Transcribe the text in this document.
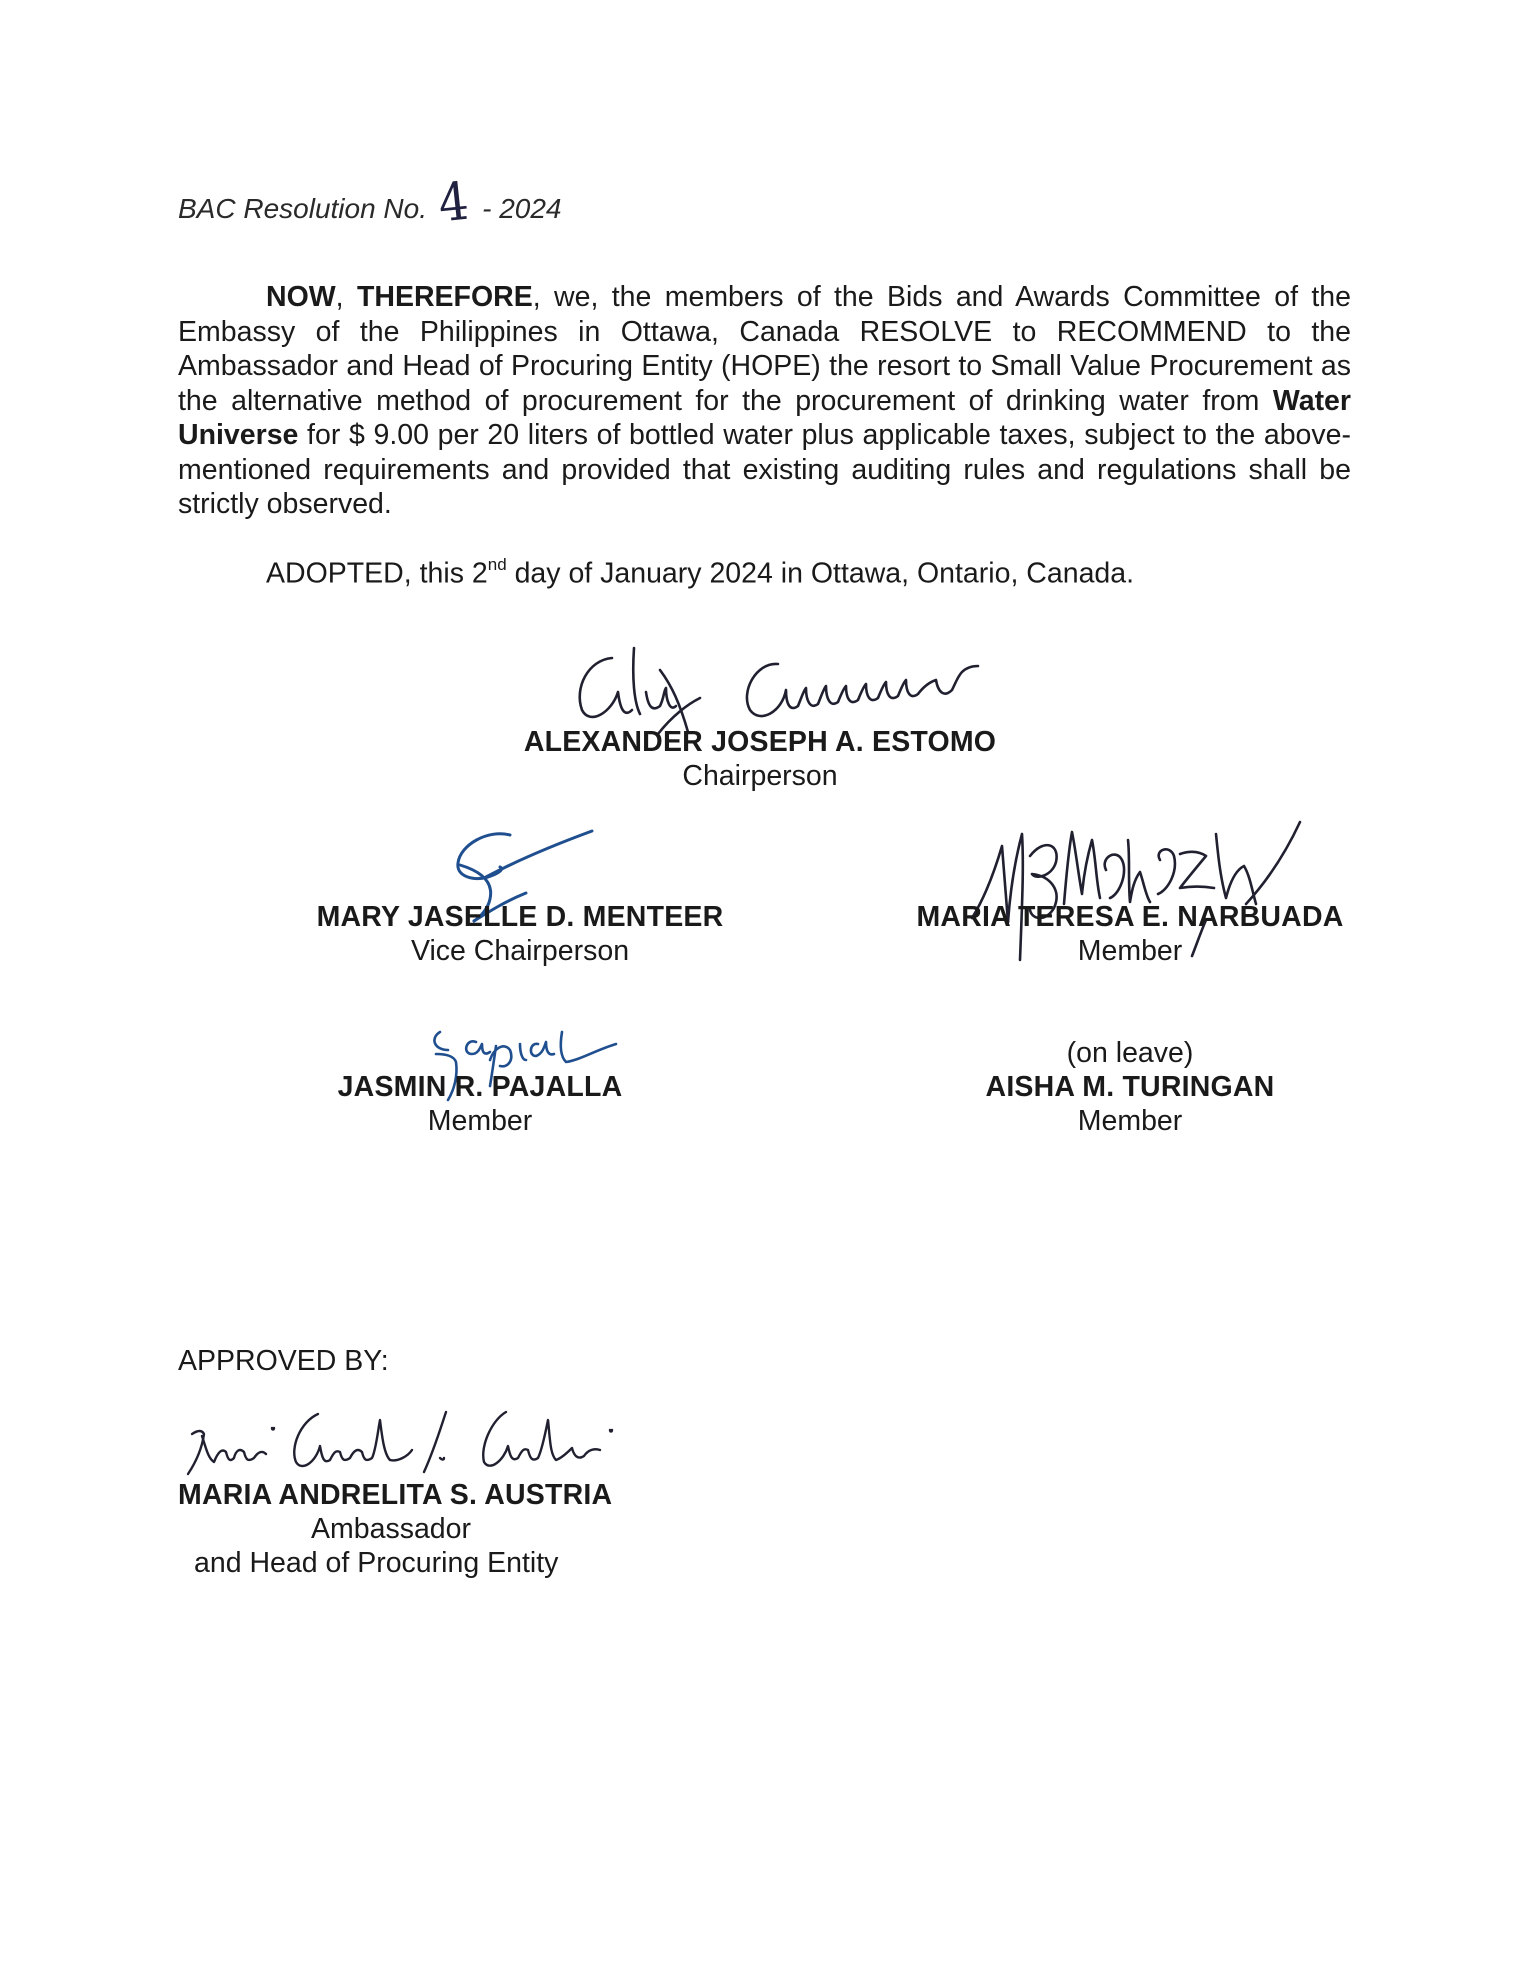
BAC Resolution No. 4 - 2024

NOW, THEREFORE, we, the members of the Bids and Awards Committee of the Embassy of the Philippines in Ottawa, Canada RESOLVE to RECOMMEND to the Ambassador and Head of Procuring Entity (HOPE) the resort to Small Value Procurement as the alternative method of procurement for the procurement of drinking water from Water Universe for $ 9.00 per 20 liters of bottled water plus applicable taxes, subject to the above-mentioned requirements and provided that existing auditing rules and regulations shall be strictly observed.

ADOPTED, this 2nd day of January 2024 in Ottawa, Ontario, Canada.

ALEXANDER JOSEPH A. ESTOMO
Chairperson
MARY JASELLE D. MENTEER
Vice Chairperson
MARIA TERESA E. NARBUADA
Member
JASMIN R. PAJALLA
Member
(on leave)
AISHA M. TURINGAN
Member

APPROVED BY:

MARIA ANDRELITA S. AUSTRIA
Ambassador
and Head of Procuring Entity
